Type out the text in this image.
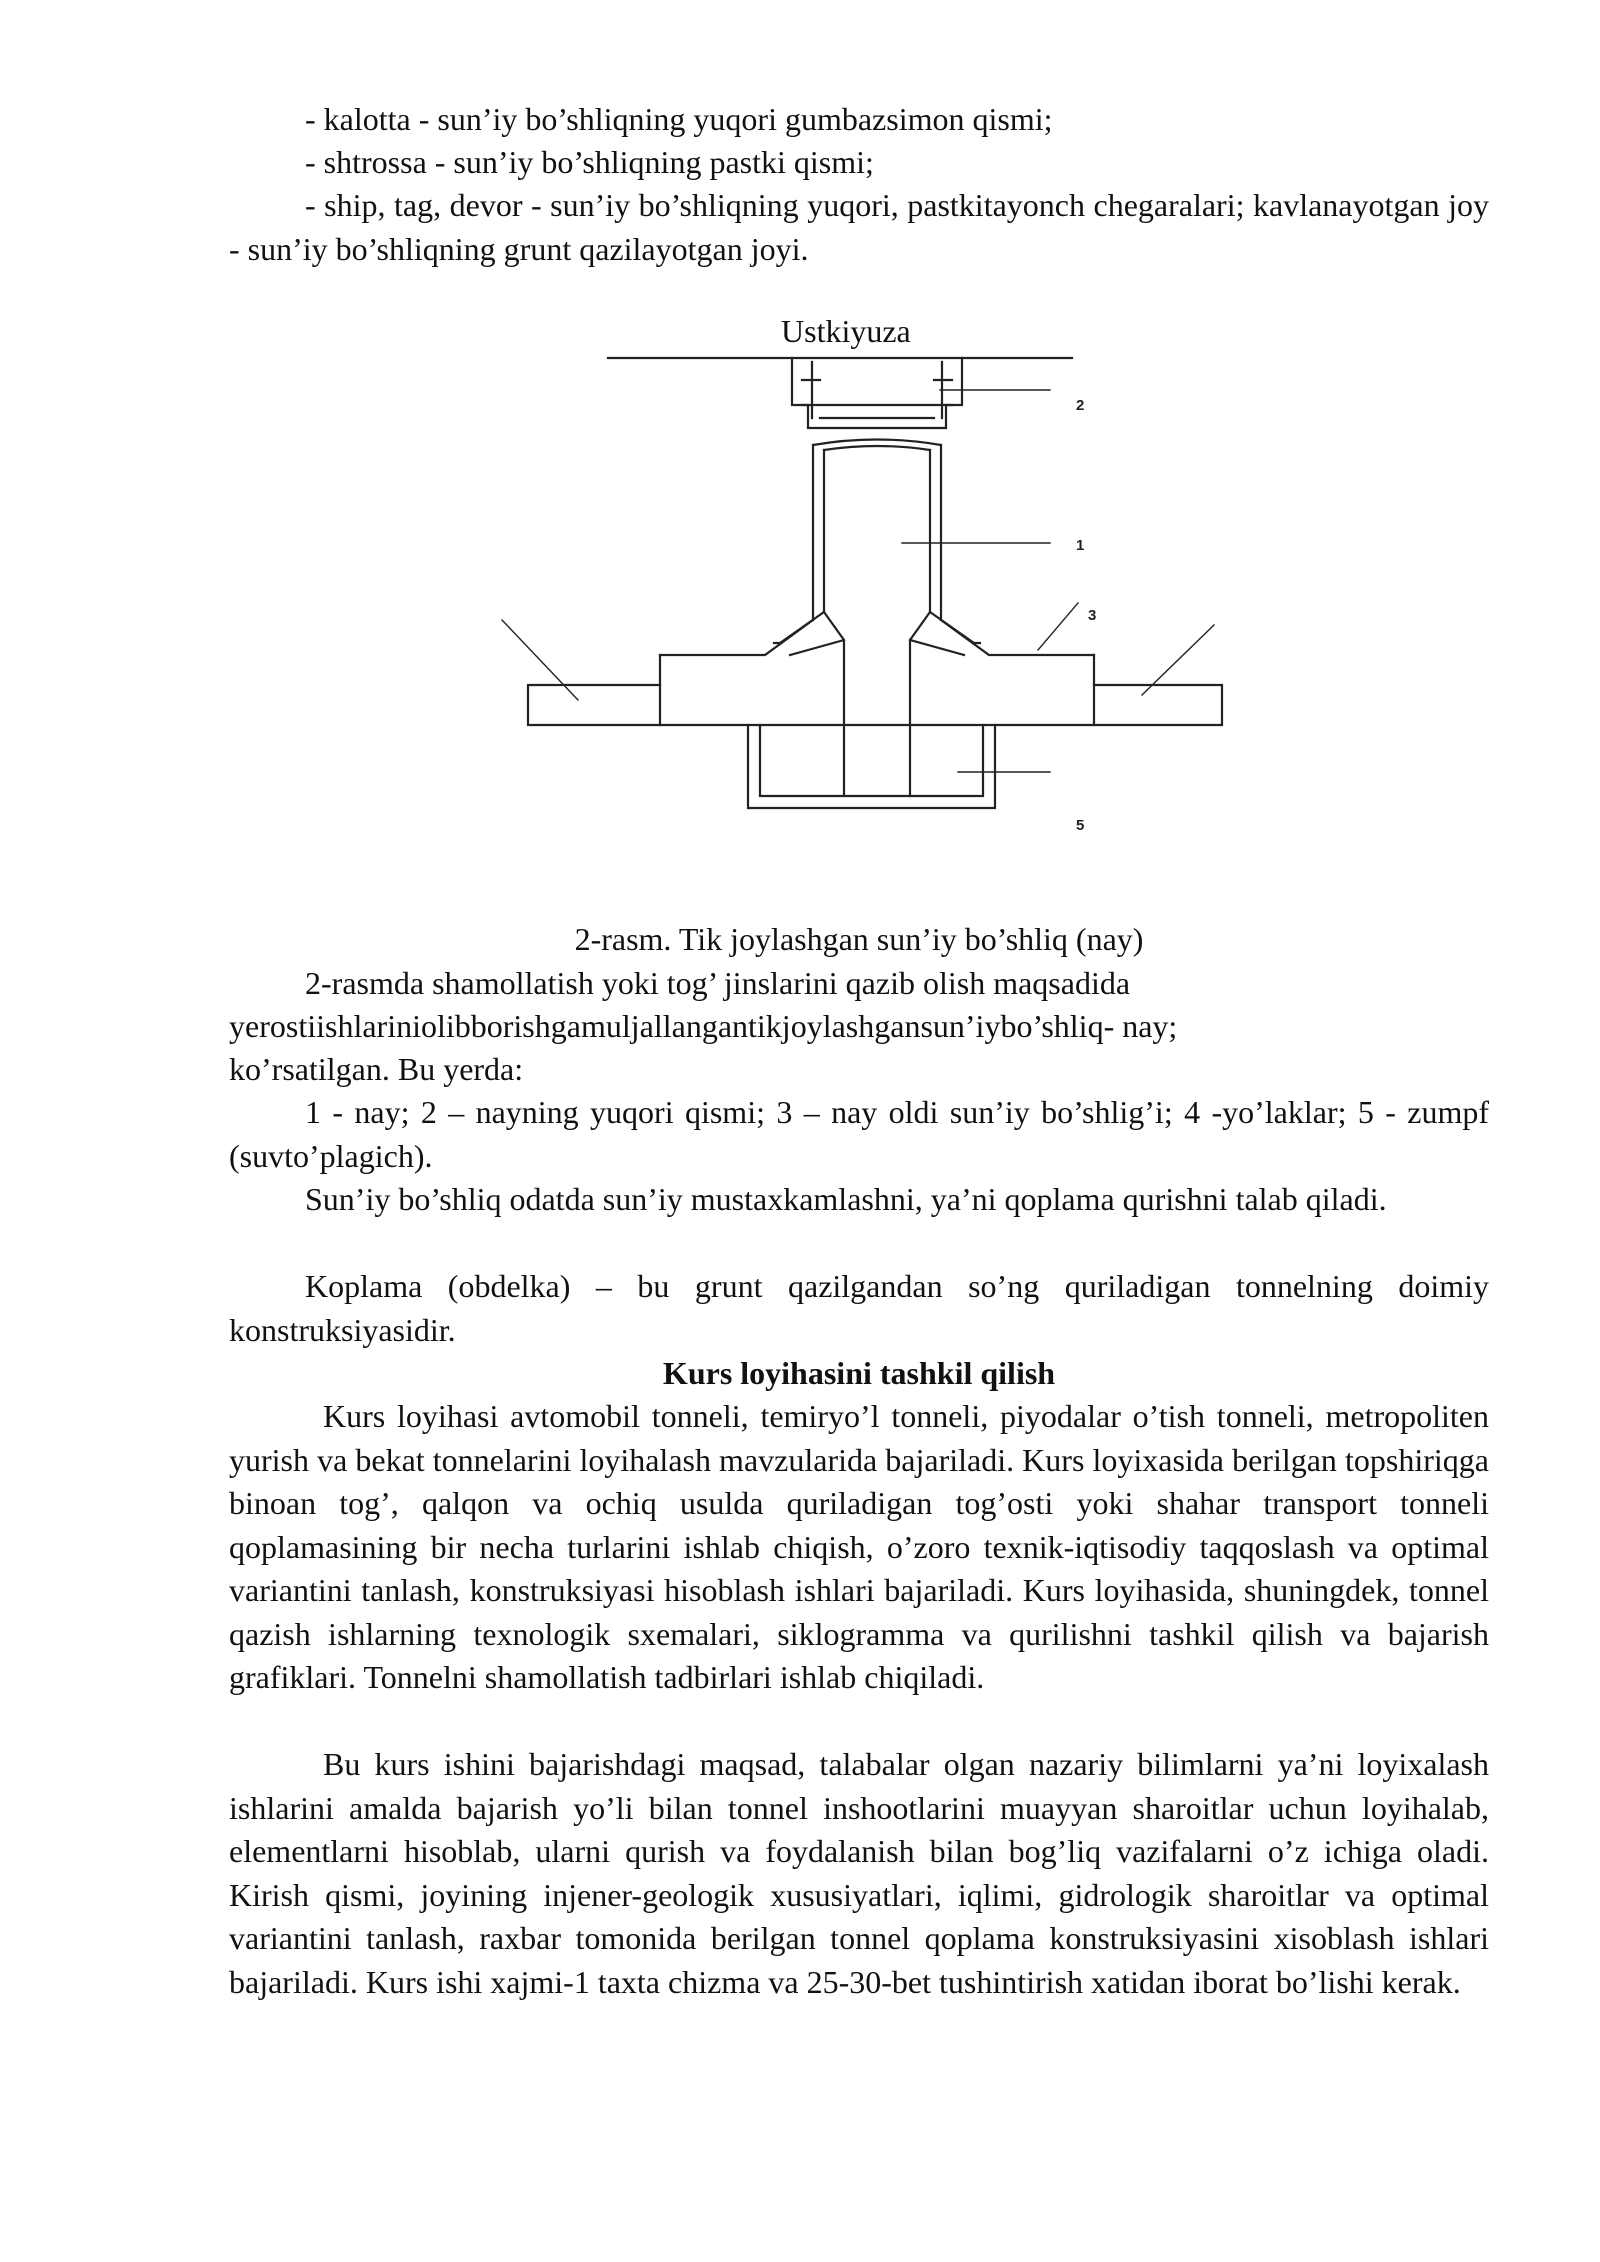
- kalotta - sun’iy bo’shliqning yuqori gumbazsimon qismi;

- shtrossa - sun’iy bo’shliqning pastki qismi;

- ship, tag, devor - sun’iy bo’shliqning yuqori, pastkitayonch chegaralari; kavlanayotgan joy - sun’iy bo’shliqning grunt qazilayotgan joyi.

2
1
3
5

Ustkiyuza

2-rasm. Tik joylashgan sun’iy bo’shliq (nay)

2-rasmda shamollatish yoki tog’ jinslarini qazib olish maqsadida

yerostiishlariniolibborishgamuljallangantikjoylashgansun’iybo’shliq- nay;

ko’rsatilgan. Bu yerda:

1 - nay; 2 – nayning yuqori qismi; 3 – nay oldi sun’iy bo’shlig’i; 4 -yo’laklar; 5 - zumpf (suvto’plagich).

Sun’iy bo’shliq odatda sun’iy mustaxkamlashni, ya’ni qoplama qurishni talab qiladi.

Koplama (obdelka) – bu grunt qazilgandan so’ng quriladigan tonnelning doimiy konstruksiyasidir.

Kurs loyihasini tashkil qilish

Kurs loyihasi avtomobil tonneli, temiryo’l tonneli, piyodalar o’tish tonneli, metropoliten yurish va bekat tonnelarini loyihalash mavzularida bajariladi. Kurs loyixasida berilgan topshiriqga binoan tog’, qalqon va ochiq usulda quriladigan tog’osti yoki shahar transport tonneli qoplamasining bir necha turlarini ishlab chiqish, o’zoro texnik-iqtisodiy taqqoslash va optimal variantini tanlash, konstruksiyasi hisoblash ishlari bajariladi. Kurs loyihasida, shuningdek, tonnel qazish ishlarning texnologik sxemalari, siklogramma va qurilishni tashkil qilish va bajarish grafiklari. Tonnelni shamollatish tadbirlari ishlab chiqiladi.

Bu kurs ishini bajarishdagi maqsad, talabalar olgan nazariy bilimlarni ya’ni loyixalash ishlarini amalda bajarish yo’li bilan tonnel inshootlarini muayyan sharoitlar uchun loyihalab, elementlarni hisoblab, ularni qurish va foydalanish bilan bog’liq vazifalarni o’z ichiga oladi. Kirish qismi, joyining injener-geologik xususiyatlari, iqlimi, gidrologik sharoitlar va optimal variantini tanlash, raxbar tomonida berilgan tonnel qoplama konstruksiyasini xisoblash ishlari bajariladi. Kurs ishi xajmi-1 taxta chizma va 25-30-bet tushintirish xatidan iborat bo’lishi kerak.
